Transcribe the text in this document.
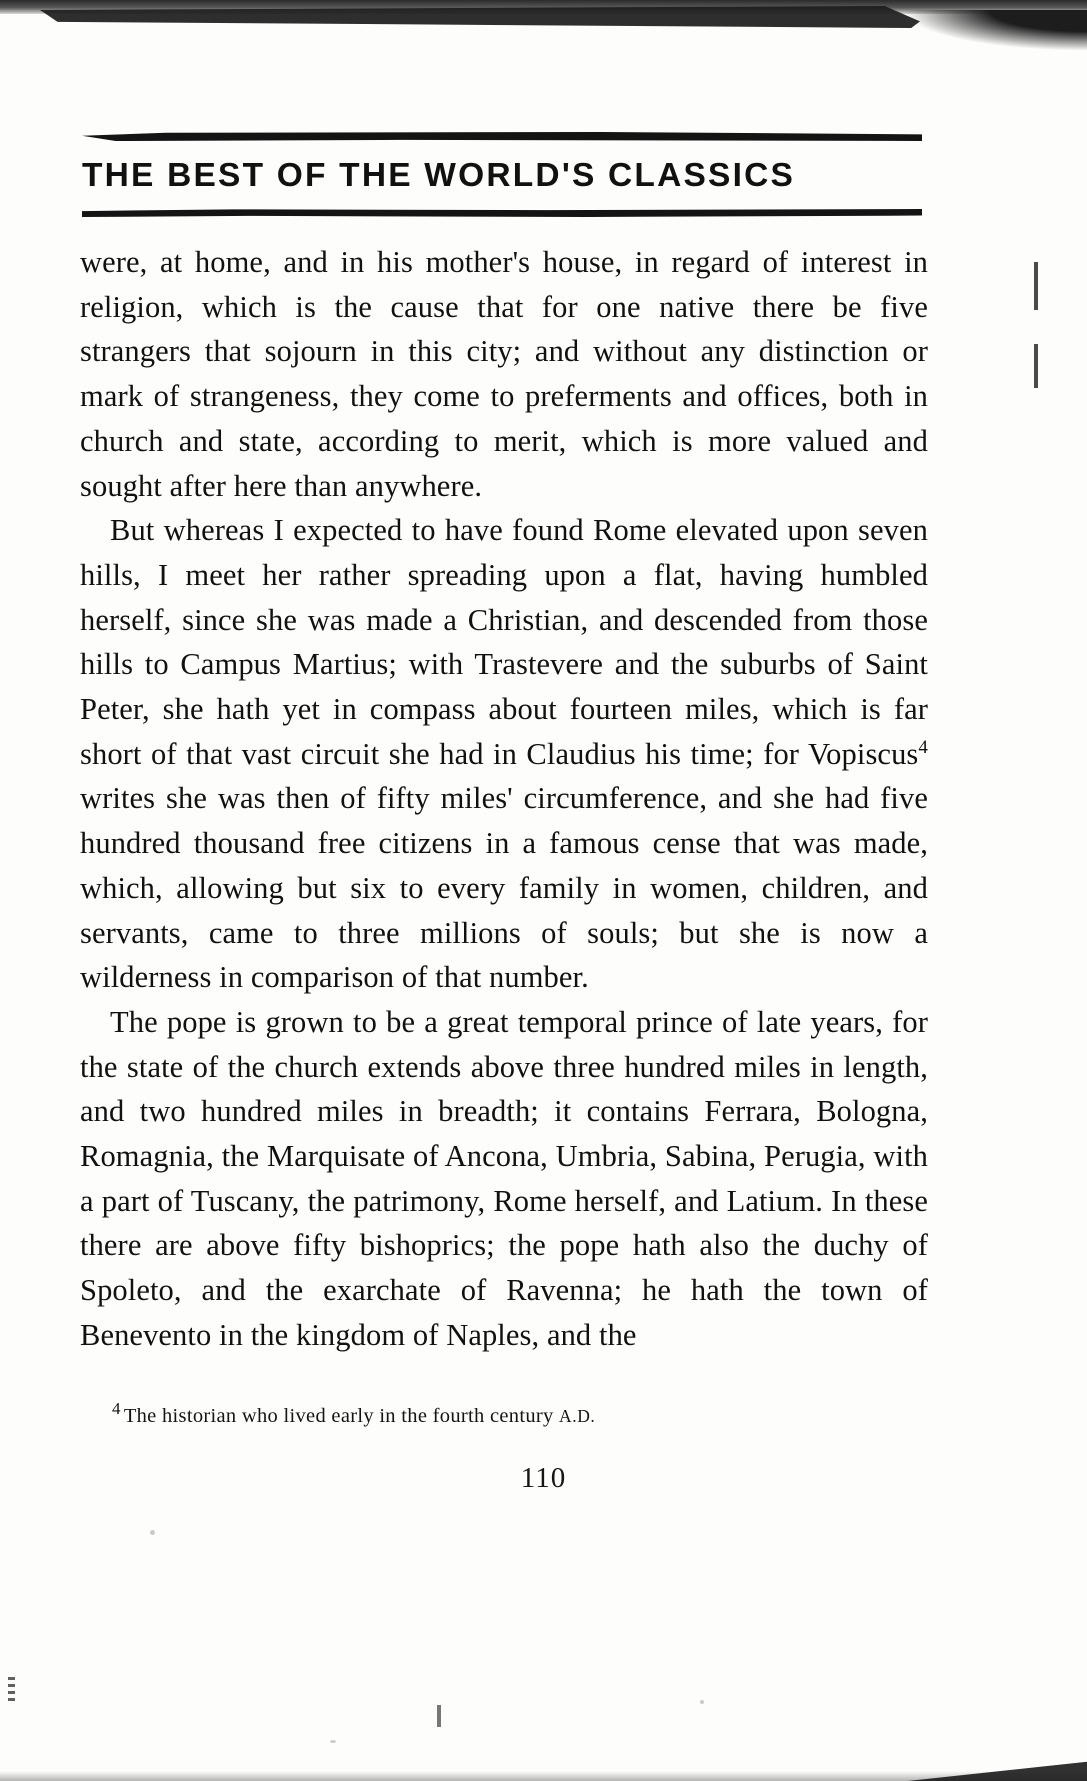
THE BEST OF THE WORLD'S CLASSICS

were, at home, and in his mother's house, in regard of interest in religion, which is the cause that for one native there be five strangers that sojourn in this city; and without any distinction or mark of strangeness, they come to preferments and offices, both in church and state, according to merit, which is more valued and sought after here than anywhere.

But whereas I expected to have found Rome elevated upon seven hills, I meet her rather spreading upon a flat, having humbled herself, since she was made a Christian, and descended from those hills to Campus Martius; with Trastevere and the suburbs of Saint Peter, she hath yet in compass about fourteen miles, which is far short of that vast circuit she had in Claudius his time; for Vopiscus$^4$ writes she was then of fifty miles' circumference, and she had five hundred thousand free citizens in a famous cense that was made, which, allowing but six to every family in women, children, and servants, came to three millions of souls; but she is now a wilderness in comparison of that number.

The pope is grown to be a great temporal prince of late years, for the state of the church extends above three hundred miles in length, and two hundred miles in breadth; it contains Ferrara, Bologna, Romagnia, the Marquisate of Ancona, Umbria, Sabina, Perugia, with a part of Tuscany, the patrimony, Rome herself, and Latium. In these there are above fifty bishoprics; the pope hath also the duchy of Spoleto, and the exarchate of Ravenna; he hath the town of Benevento in the kingdom of Naples, and the

$^4$ The historian who lived early in the fourth century A.D.
110
